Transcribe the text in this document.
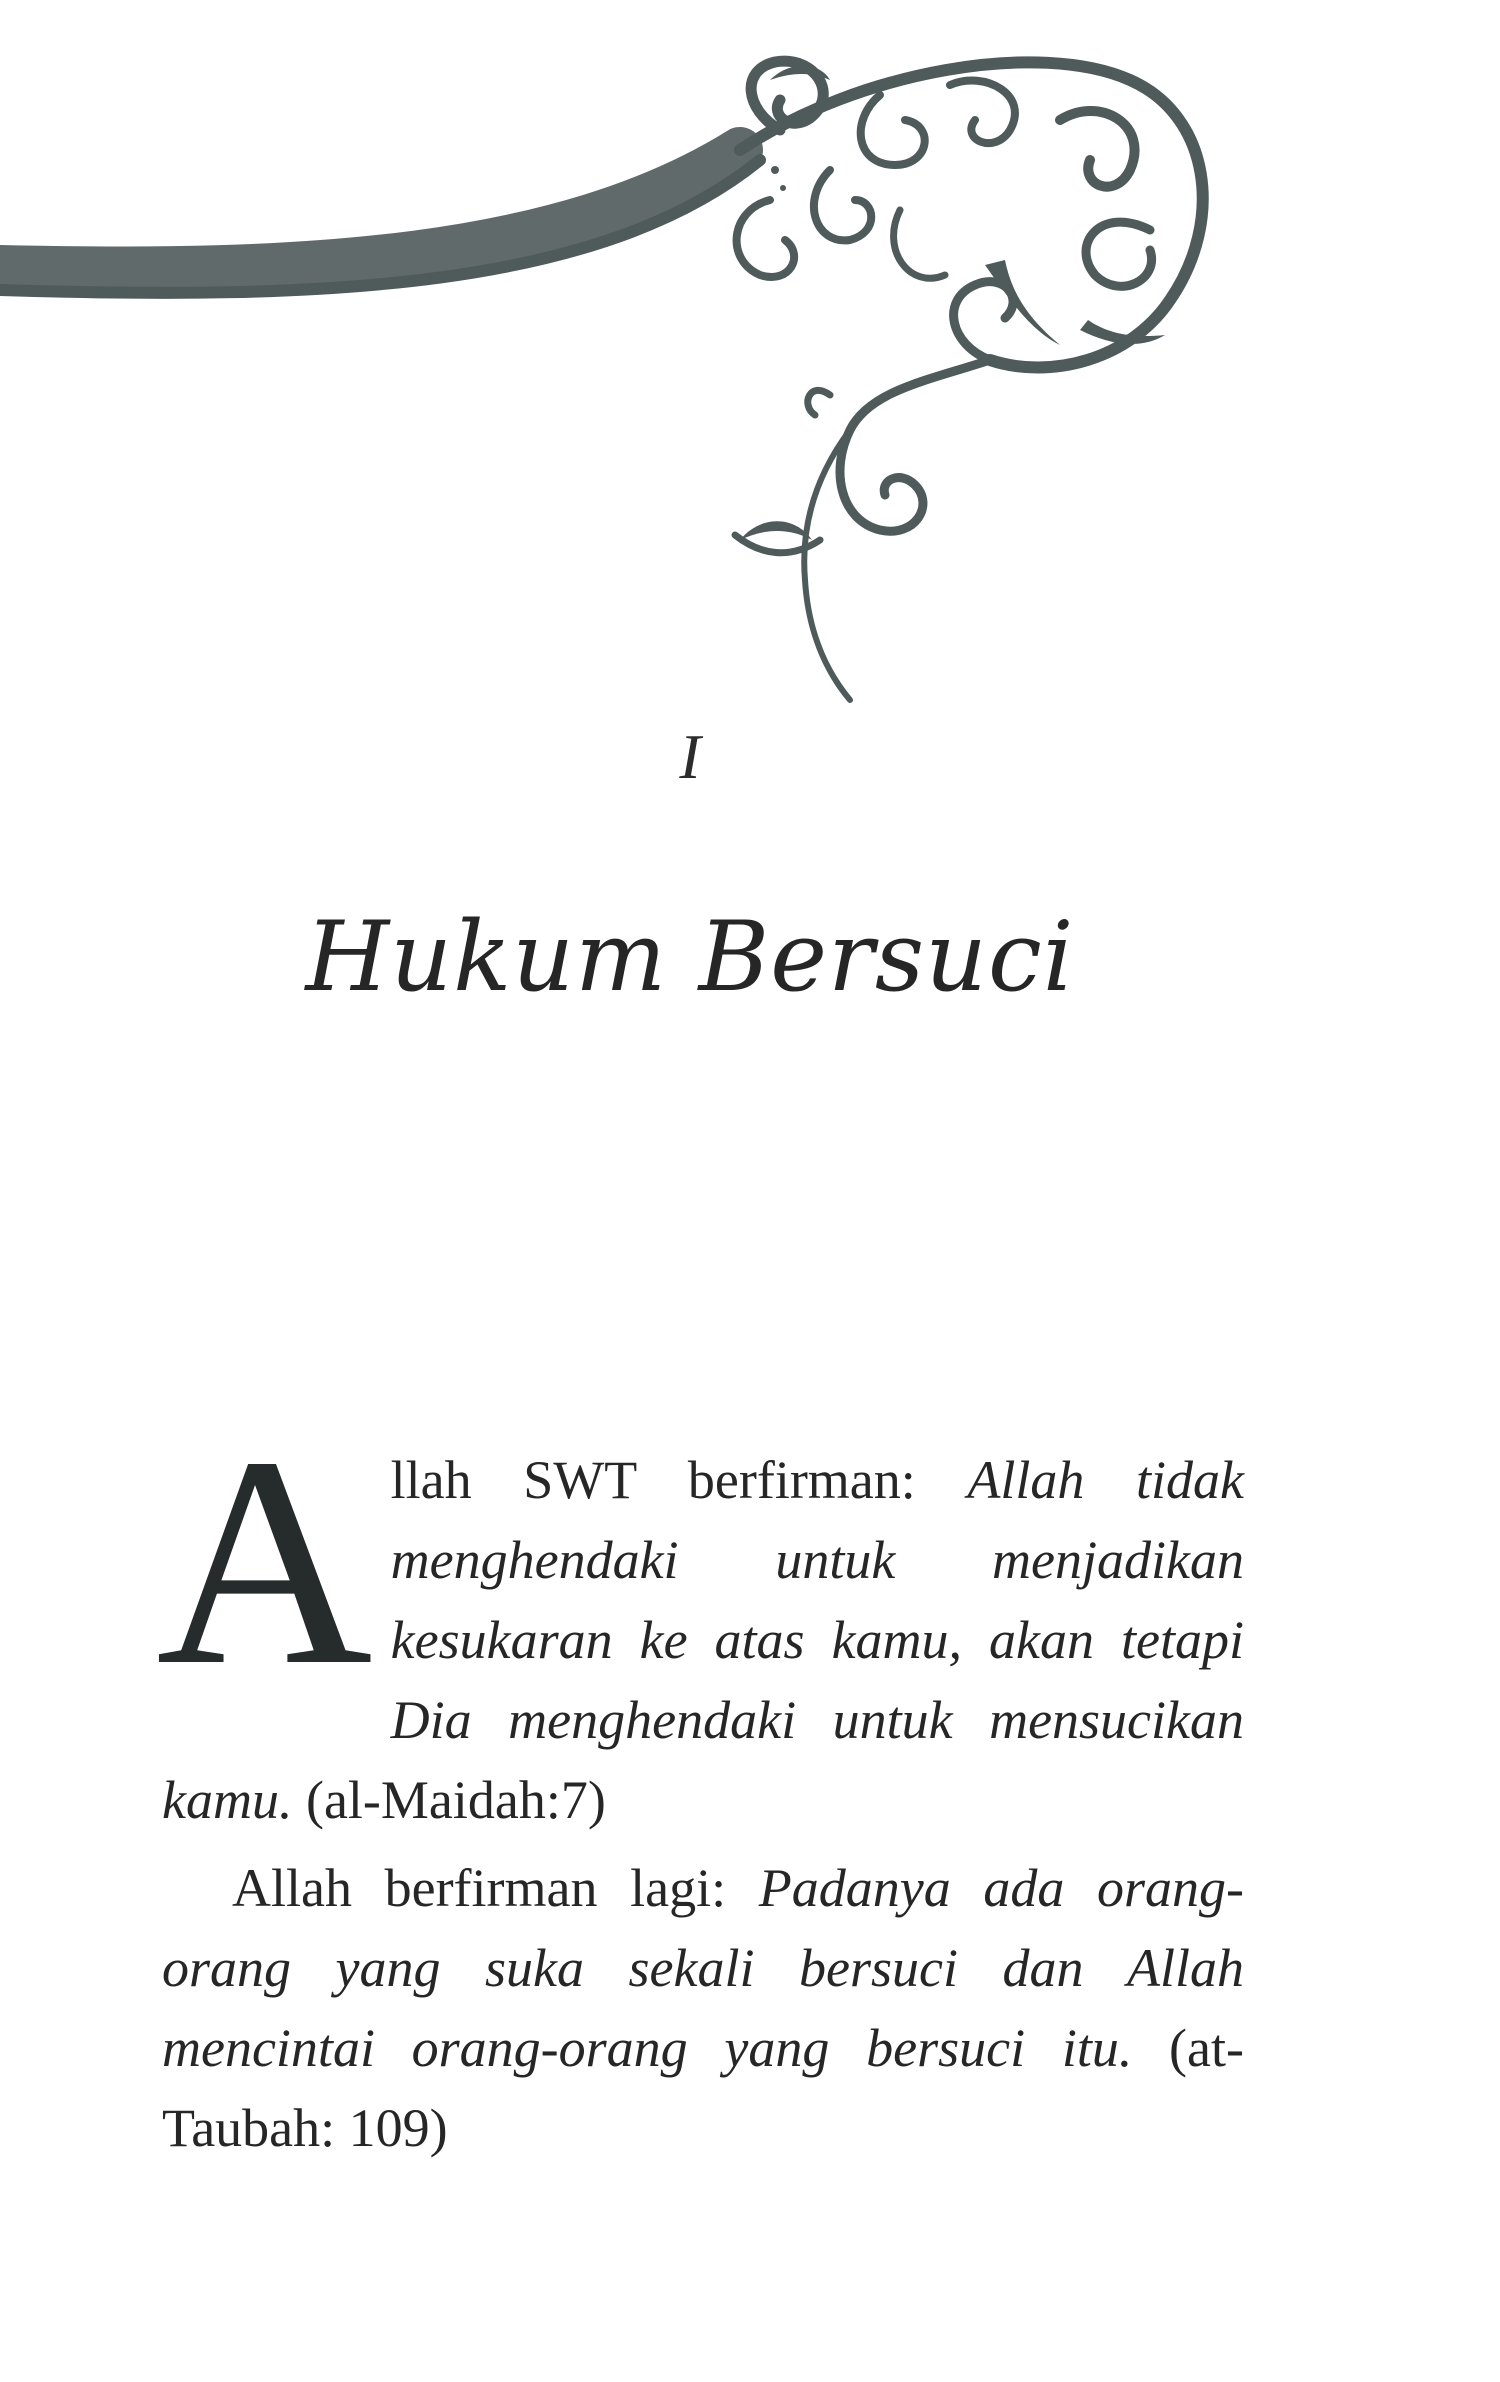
I
Hukum Bersuci

Allah SWT berfirman: Allah tidak menghendaki untuk menjadikan kesukaran ke atas kamu, akan tetapi Dia menghendaki untuk mensucikan kamu. (al-Maidah:7)

Allah berfirman lagi: Padanya ada orang-orang yang suka sekali bersuci dan Allah mencintai orang-orang yang bersuci itu. (at-Taubah: 109)
